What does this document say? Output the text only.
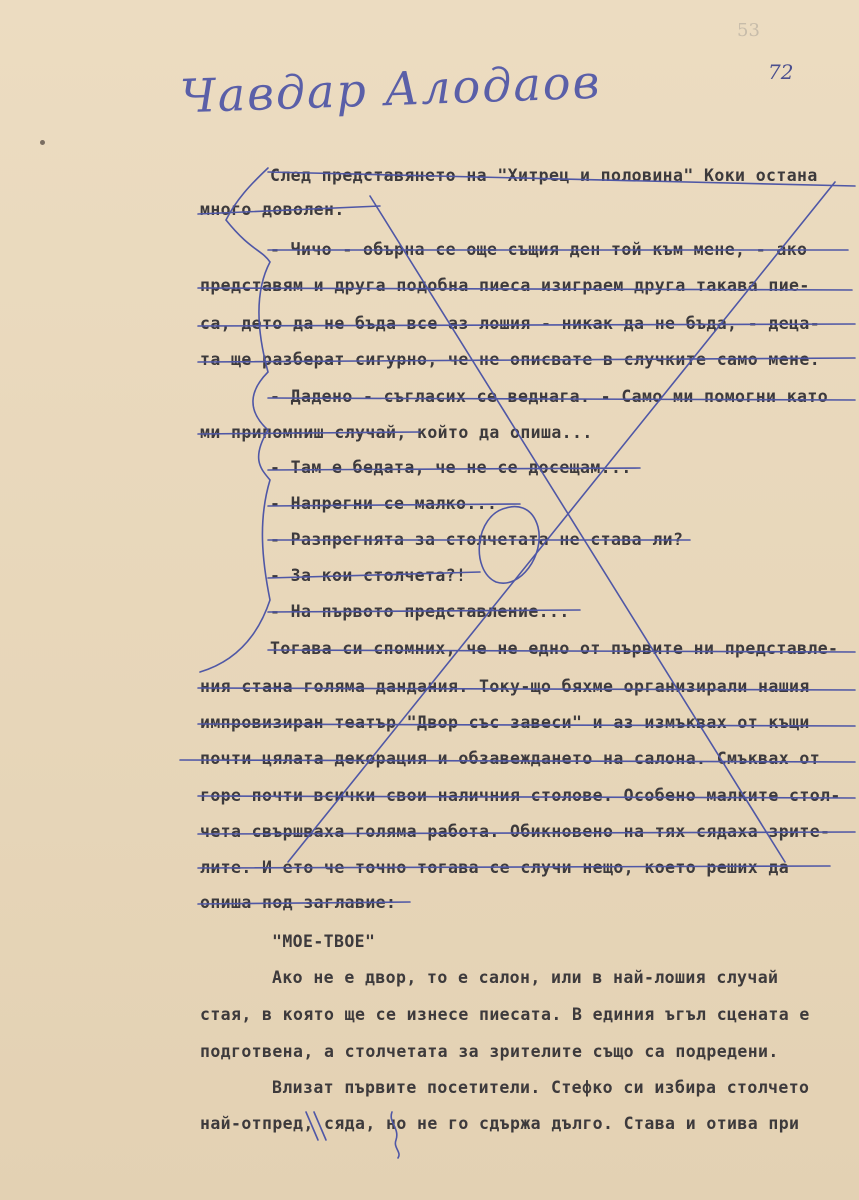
53
72
Чавдар Алодаов
След представянето на "Хитрец и половина" Коки остана
много доволен.
- Чичо - обърна се още същия ден той към мене, - ако
представям и друга подобна пиеса изиграем друга такава пие-
са, дето да не бъда все аз лошия - никак да не бъда, - деца-
та ще разберат сигурно, че не описвате в случките само мене.
- Дадено - съгласих се веднага. - Само ми помогни като
ми припомниш случай, който да опиша...
- Там е бедата, че не се досещам...
- Напрегни се малко...
- Разпрегнята за столчетата не става ли?
- За кои столчета?!
- На първото представление...
Тогава си спомних, че не едно от първите ни представле-
ния стана голяма дандания. Току-що бяхме организирали нашия
импровизиран театър "Двор със завеси" и аз измъквах от къщи
почти цялата декорация и обзавеждането на салона. Смъквах от
горе почти всички свои наличния столове. Особено малките стол-
чета свършваха голяма работа. Обикновено на тях сядаха зрите-
лите. И ето че точно тогава се случи нещо, което реших да
опиша под заглавие:
"МОЕ-ТВОЕ"
Ако не е двор, то е салон, или в най-лошия случай
стая, в която ще се изнесе пиесата. В единия ъгъл сцената е
подготвена, а столчетата за зрителите също са подредени.
Влизат първите посетители. Стефко си избира столчето
най-отпред, сяда, но не го сдържа дълго. Става и отива при
